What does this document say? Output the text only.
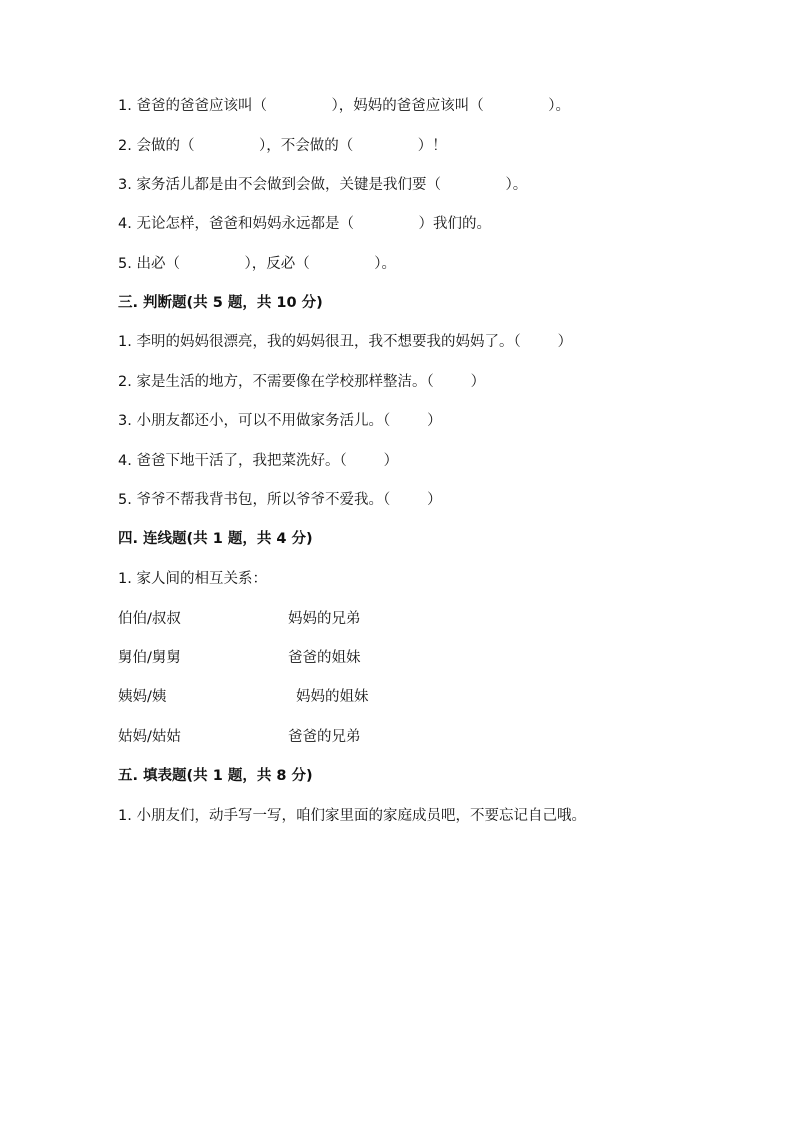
1. 爸爸的爸爸应该叫（              ），妈妈的爸爸应该叫（              ）。
2. 会做的（              ），不会做的（              ）！
3. 家务活儿都是由不会做到会做，关键是我们要（              ）。
4. 无论怎样，爸爸和妈妈永远都是（              ）我们的。
5. 出必（              ），反必（              ）。
三. 判断题(共 5 题，共 10 分)
1. 李明的妈妈很漂亮，我的妈妈很丑，我不想要我的妈妈了。（        ）
2. 家是生活的地方，不需要像在学校那样整洁。（        ）
3. 小朋友都还小，可以不用做家务活儿。（        ）
4. 爸爸下地干活了，我把菜洗好。（        ）
5. 爷爷不帮我背书包，所以爷爷不爱我。（        ）
四. 连线题(共 1 题，共 4 分)
1. 家人间的相互关系：
伯伯/叔叔	妈妈的兄弟
舅伯/舅舅	爸爸的姐妹
姨妈/姨	妈妈的姐妹
姑妈/姑姑	爸爸的兄弟
五. 填表题(共 1 题，共 8 分)
1. 小朋友们，动手写一写，咱们家里面的家庭成员吧，不要忘记自己哦。
